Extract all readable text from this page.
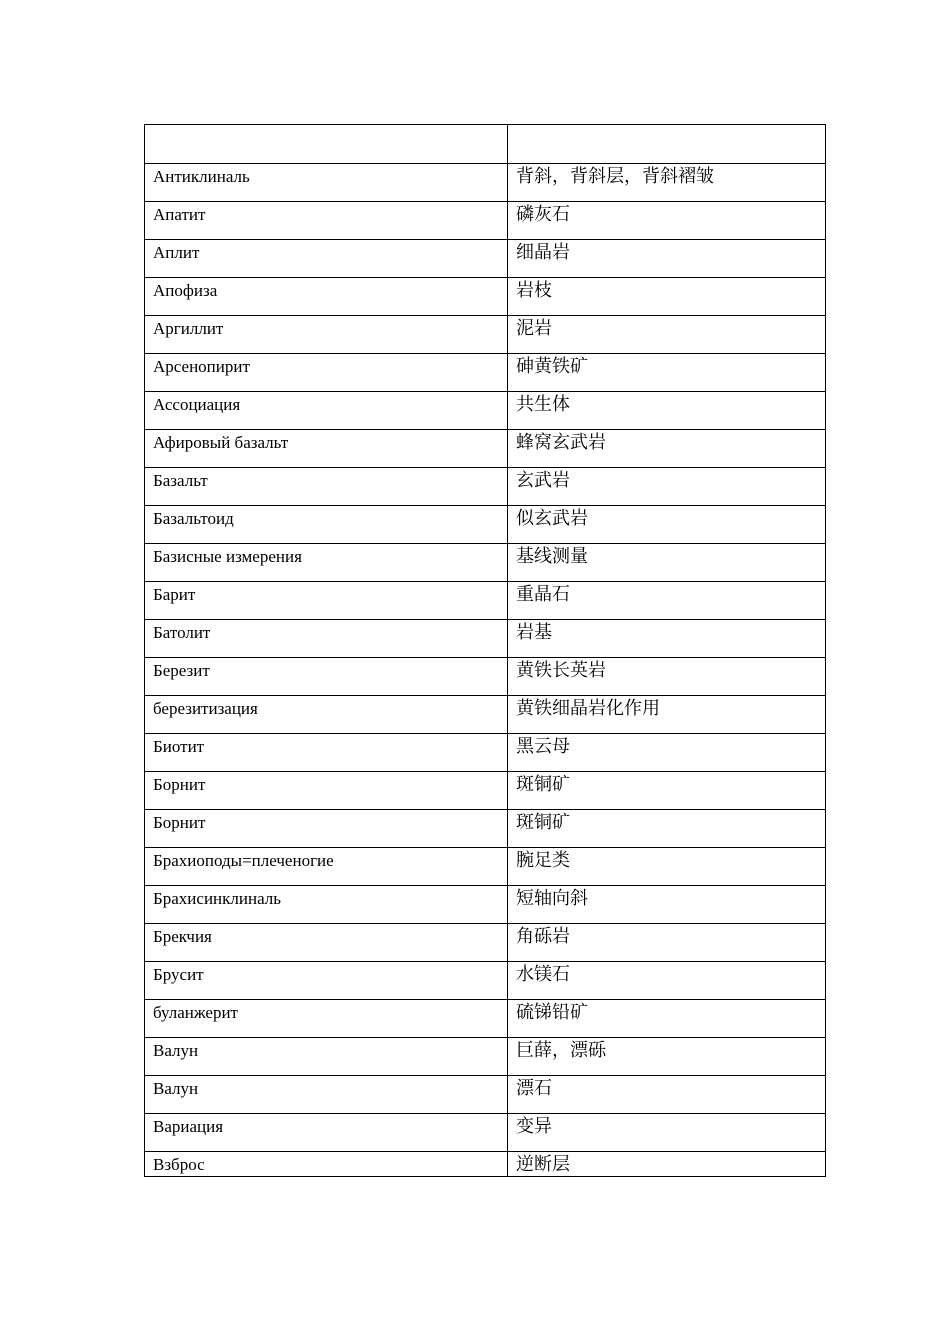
Антиклиналь	背斜，背斜层，背斜褶皱

Апатит	磷灰石

Аплит	细晶岩

Апофиза	岩枝

Аргиллит	泥岩

Арсенопирит	砷黄铁矿

Ассоциация	共生体

Афировый базальт	蜂窝玄武岩

Базальт	玄武岩

Базальтоид	似玄武岩

Базисные измерения	基线测量

Барит	重晶石

Батолит	岩基

Березит	黄铁长英岩

березитизация	黄铁细晶岩化作用

Биотит	黑云母

Борнит	斑铜矿

Борнит	斑铜矿

Брахиоподы=плеченогие	腕足类

Брахисинклиналь	短轴向斜

Брекчия	角砾岩

Брусит	水镁石

буланжерит	硫锑铅矿

Валун	巨薛，漂砾

Валун	漂石

Вариация	变异

Взброс	逆断层
